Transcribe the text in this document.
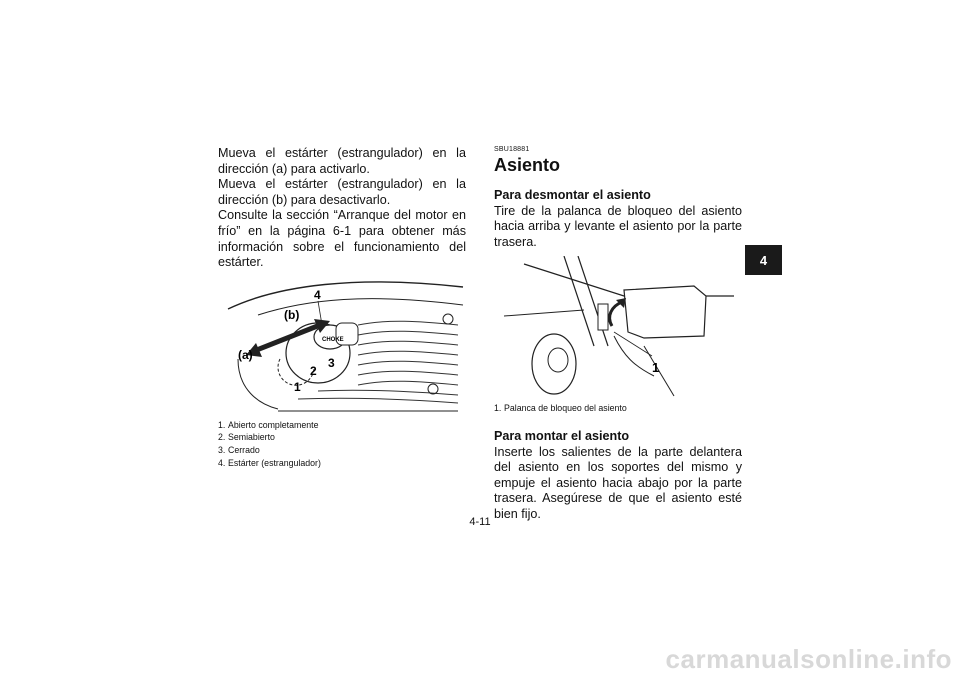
Mueva el estárter (estrangulador) en la dirección (a) para activarlo.

Mueva el estárter (estrangulador) en la dirección (b) para desactivarlo.

Consulte la sección “Arranque del motor en frío” en la página 6-1 para obtener más información sobre el funcionamiento del estárter.

CHOKE
4
(b)
(a)
3
2
1
1. Abierto completamente
2. Semiabierto
3. Cerrado
4. Estárter (estrangulador)
SBU18881
Asiento
Para desmontar el asiento

Tire de la palanca de bloqueo del asiento hacia arriba y levante el asiento por la parte trasera.

1
1. Palanca de bloqueo del asiento
Para montar el asiento

Inserte los salientes de la parte delantera del asiento en los soportes del mismo y empuje el asiento hacia abajo por la parte trasera. Asegúrese de que el asiento esté bien fijo.

4
4-11
carmanualsonline.info
